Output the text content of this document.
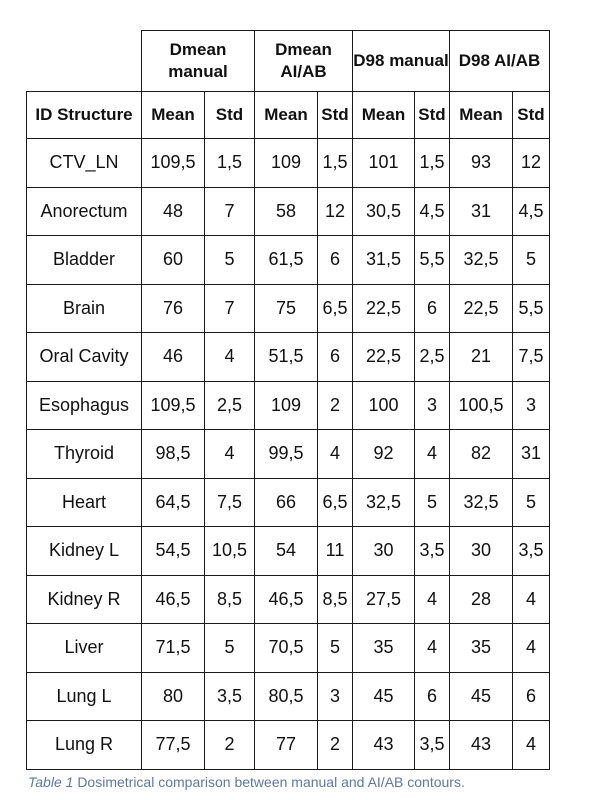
	Dmean manual		Dmean AI/AB		D98 manual		D98 AI/AB	
ID Structure	Mean	Std	Mean	Std	Mean	Std	Mean	Std
CTV_LN	109,5	1,5	109	1,5	101	1,5	93	12
Anorectum	48	7	58	12	30,5	4,5	31	4,5
Bladder	60	5	61,5	6	31,5	5,5	32,5	5
Brain	76	7	75	6,5	22,5	6	22,5	5,5
Oral Cavity	46	4	51,5	6	22,5	2,5	21	7,5
Esophagus	109,5	2,5	109	2	100	3	100,5	3
Thyroid	98,5	4	99,5	4	92	4	82	31
Heart	64,5	7,5	66	6,5	32,5	5	32,5	5
Kidney L	54,5	10,5	54	11	30	3,5	30	3,5
Kidney R	46,5	8,5	46,5	8,5	27,5	4	28	4
Liver	71,5	5	70,5	5	35	4	35	4
Lung L	80	3,5	80,5	3	45	6	45	6
Lung R	77,5	2	77	2	43	3,5	43	4
Table 1 Dosimetrical comparison between manual and AI/AB contours.
